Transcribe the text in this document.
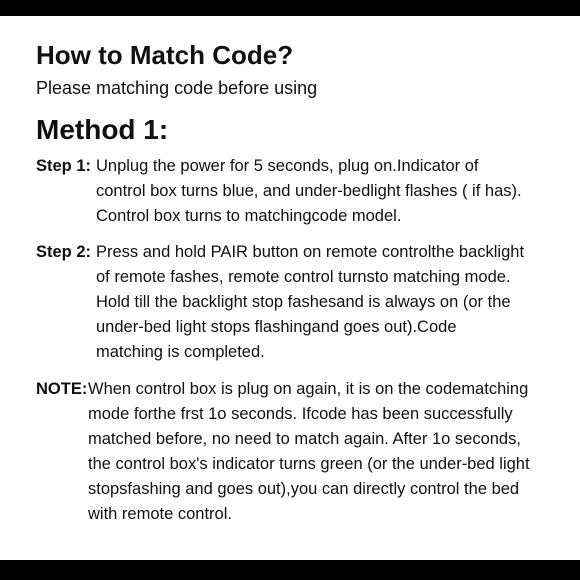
How to Match Code?
Please matching code before using
Method 1:
Step 1: Unplug the power for 5 seconds, plug on.Indicator of
control box turns blue, and under-bedlight flashes ( if has).
Control box turns to matchingcode model.
Step 2: Press and hold PAIR button on remote controlthe backlight
of remote fashes, remote control turnsto matching mode.
Hold till the backlight stop fashesand is always on (or the
under-bed light stops flashingand goes out).Code
matching is completed.
NOTE: When control box is plug on again, it is on the codematching
mode forthe frst 1o seconds. Ifcode has been successfully
matched before, no need to match again. After 1o seconds,
the control box's indicator turns green (or the under-bed light
stopsfashing and goes out),you can directly control the bed
with remote control.
